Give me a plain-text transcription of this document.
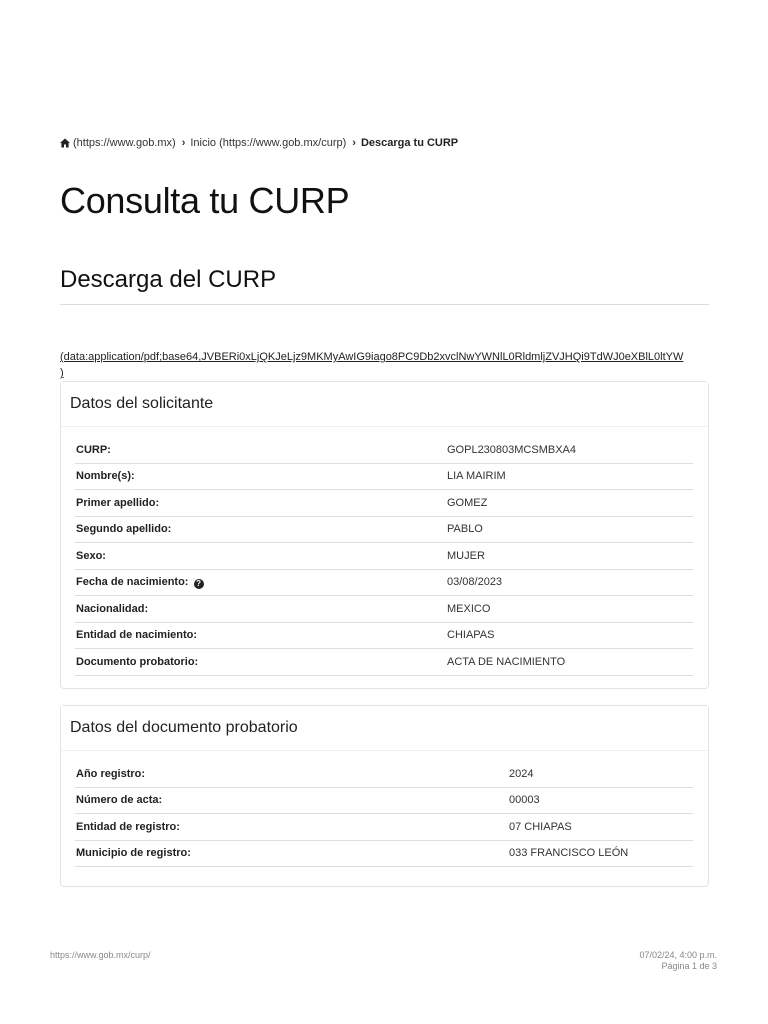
(https://www.gob.mx) › Inicio (https://www.gob.mx/curp) › Descarga tu CURP
Consulta tu CURP
Descarga del CURP
(data:application/pdf;base64,JVBERi0xLjQKJeLjz9MKMyAwIG9iago8PC9Db2xvclNwYWNlL0RldmljZVJHQi9TdWJ0eXBlL0ltYW
)
Datos del solicitante
CURP:	GOPL230803MCSMBXA4
Nombre(s):	LIA MAIRIM
Primer apellido:	GOMEZ
Segundo apellido:	PABLO
Sexo:	MUJER
Fecha de nacimiento: ?	03/08/2023
Nacionalidad:	MEXICO
Entidad de nacimiento:	CHIAPAS
Documento probatorio:	ACTA DE NACIMIENTO
Datos del documento probatorio
Año registro:	2024
Número de acta:	00003
Entidad de registro:	07 CHIAPAS
Municipio de registro:	033 FRANCISCO LEÓN
https://www.gob.mx/curp/	07/02/24, 4:00 p.m.
Página 1 de 3
